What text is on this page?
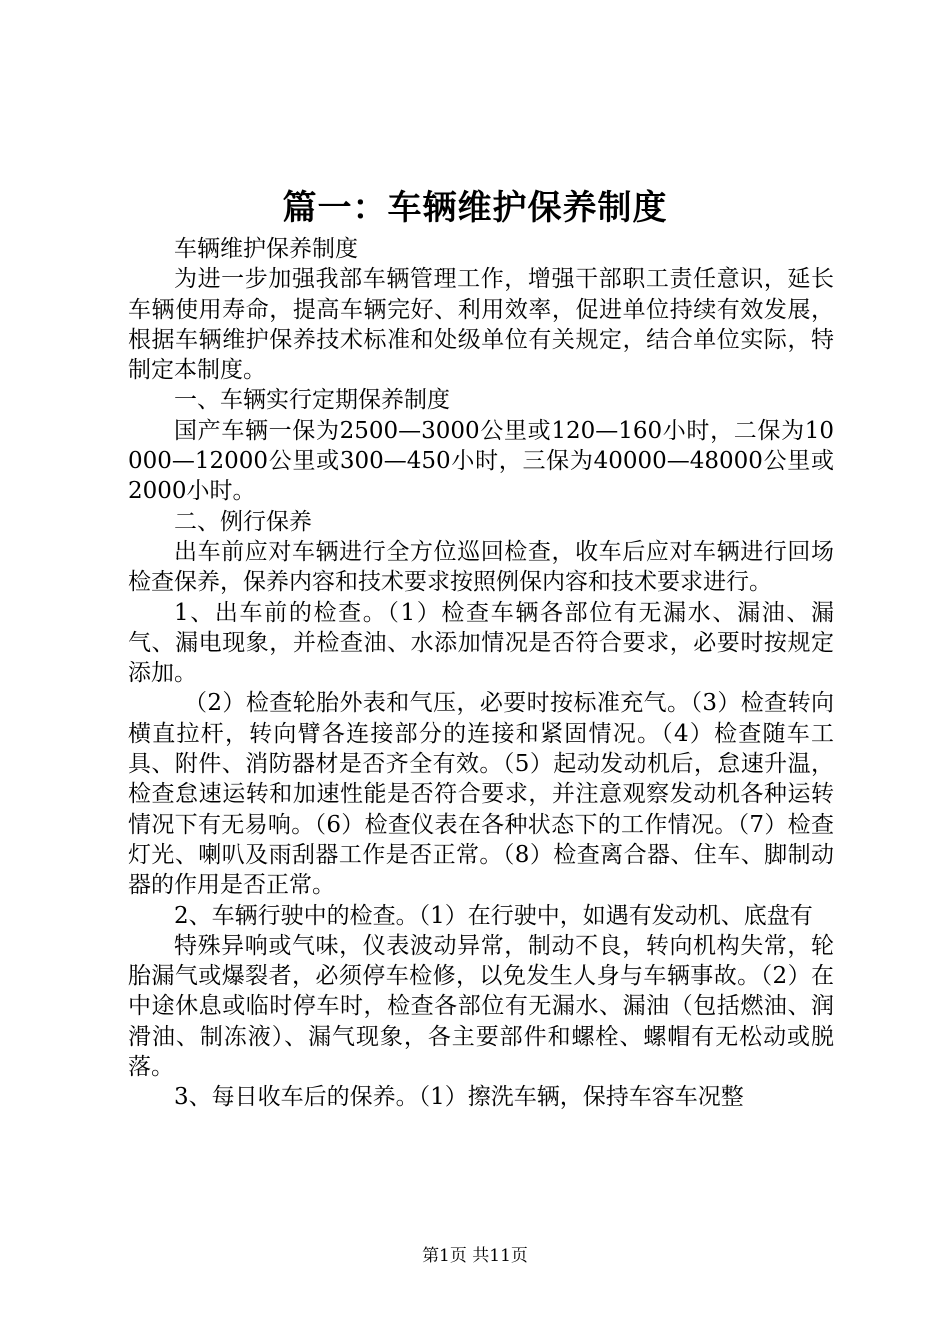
篇一：车辆维护保养制度

车辆维护保养制度

为进一步加强我部车辆管理工作，增强干部职工责任意识，延长车辆使用寿命，提高车辆完好、利用效率，促进单位持续有效发展，根据车辆维护保养技术标准和处级单位有关规定，结合单位实际，特制定本制度。

一、车辆实行定期保养制度

国产车辆一保为2500—3000公里或120—160小时，二保为10000—12000公里或300—450小时，三保为40000—48000公里或2000小时。

二、例行保养

出车前应对车辆进行全方位巡回检查，收车后应对车辆进行回场检查保养，保养内容和技术要求按照例保内容和技术要求进行。

1、出车前的检查。（1）检查车辆各部位有无漏水、漏油、漏气、漏电现象，并检查油、水添加情况是否符合要求，必要时按规定添加。

（2）检查轮胎外表和气压，必要时按标准充气。（3）检查转向横直拉杆，转向臂各连接部分的连接和紧固情况。（4）检查随车工具、附件、消防器材是否齐全有效。（5）起动发动机后，怠速升温，检查怠速运转和加速性能是否符合要求，并注意观察发动机各种运转情况下有无易响。（6）检查仪表在各种状态下的工作情况。（7）检查灯光、喇叭及雨刮器工作是否正常。（8）检查离合器、住车、脚制动器的作用是否正常。

2、车辆行驶中的检查。（1）在行驶中，如遇有发动机、底盘有

特殊异响或气味，仪表波动异常，制动不良，转向机构失常，轮胎漏气或爆裂者，必须停车检修，以免发生人身与车辆事故。（2）在中途休息或临时停车时，检查各部位有无漏水、漏油（包括燃油、润滑油、制冻液）、漏气现象，各主要部件和螺栓、螺帽有无松动或脱落。

3、每日收车后的保养。（1）擦洗车辆，保持车容车况整

第1页 共11页
